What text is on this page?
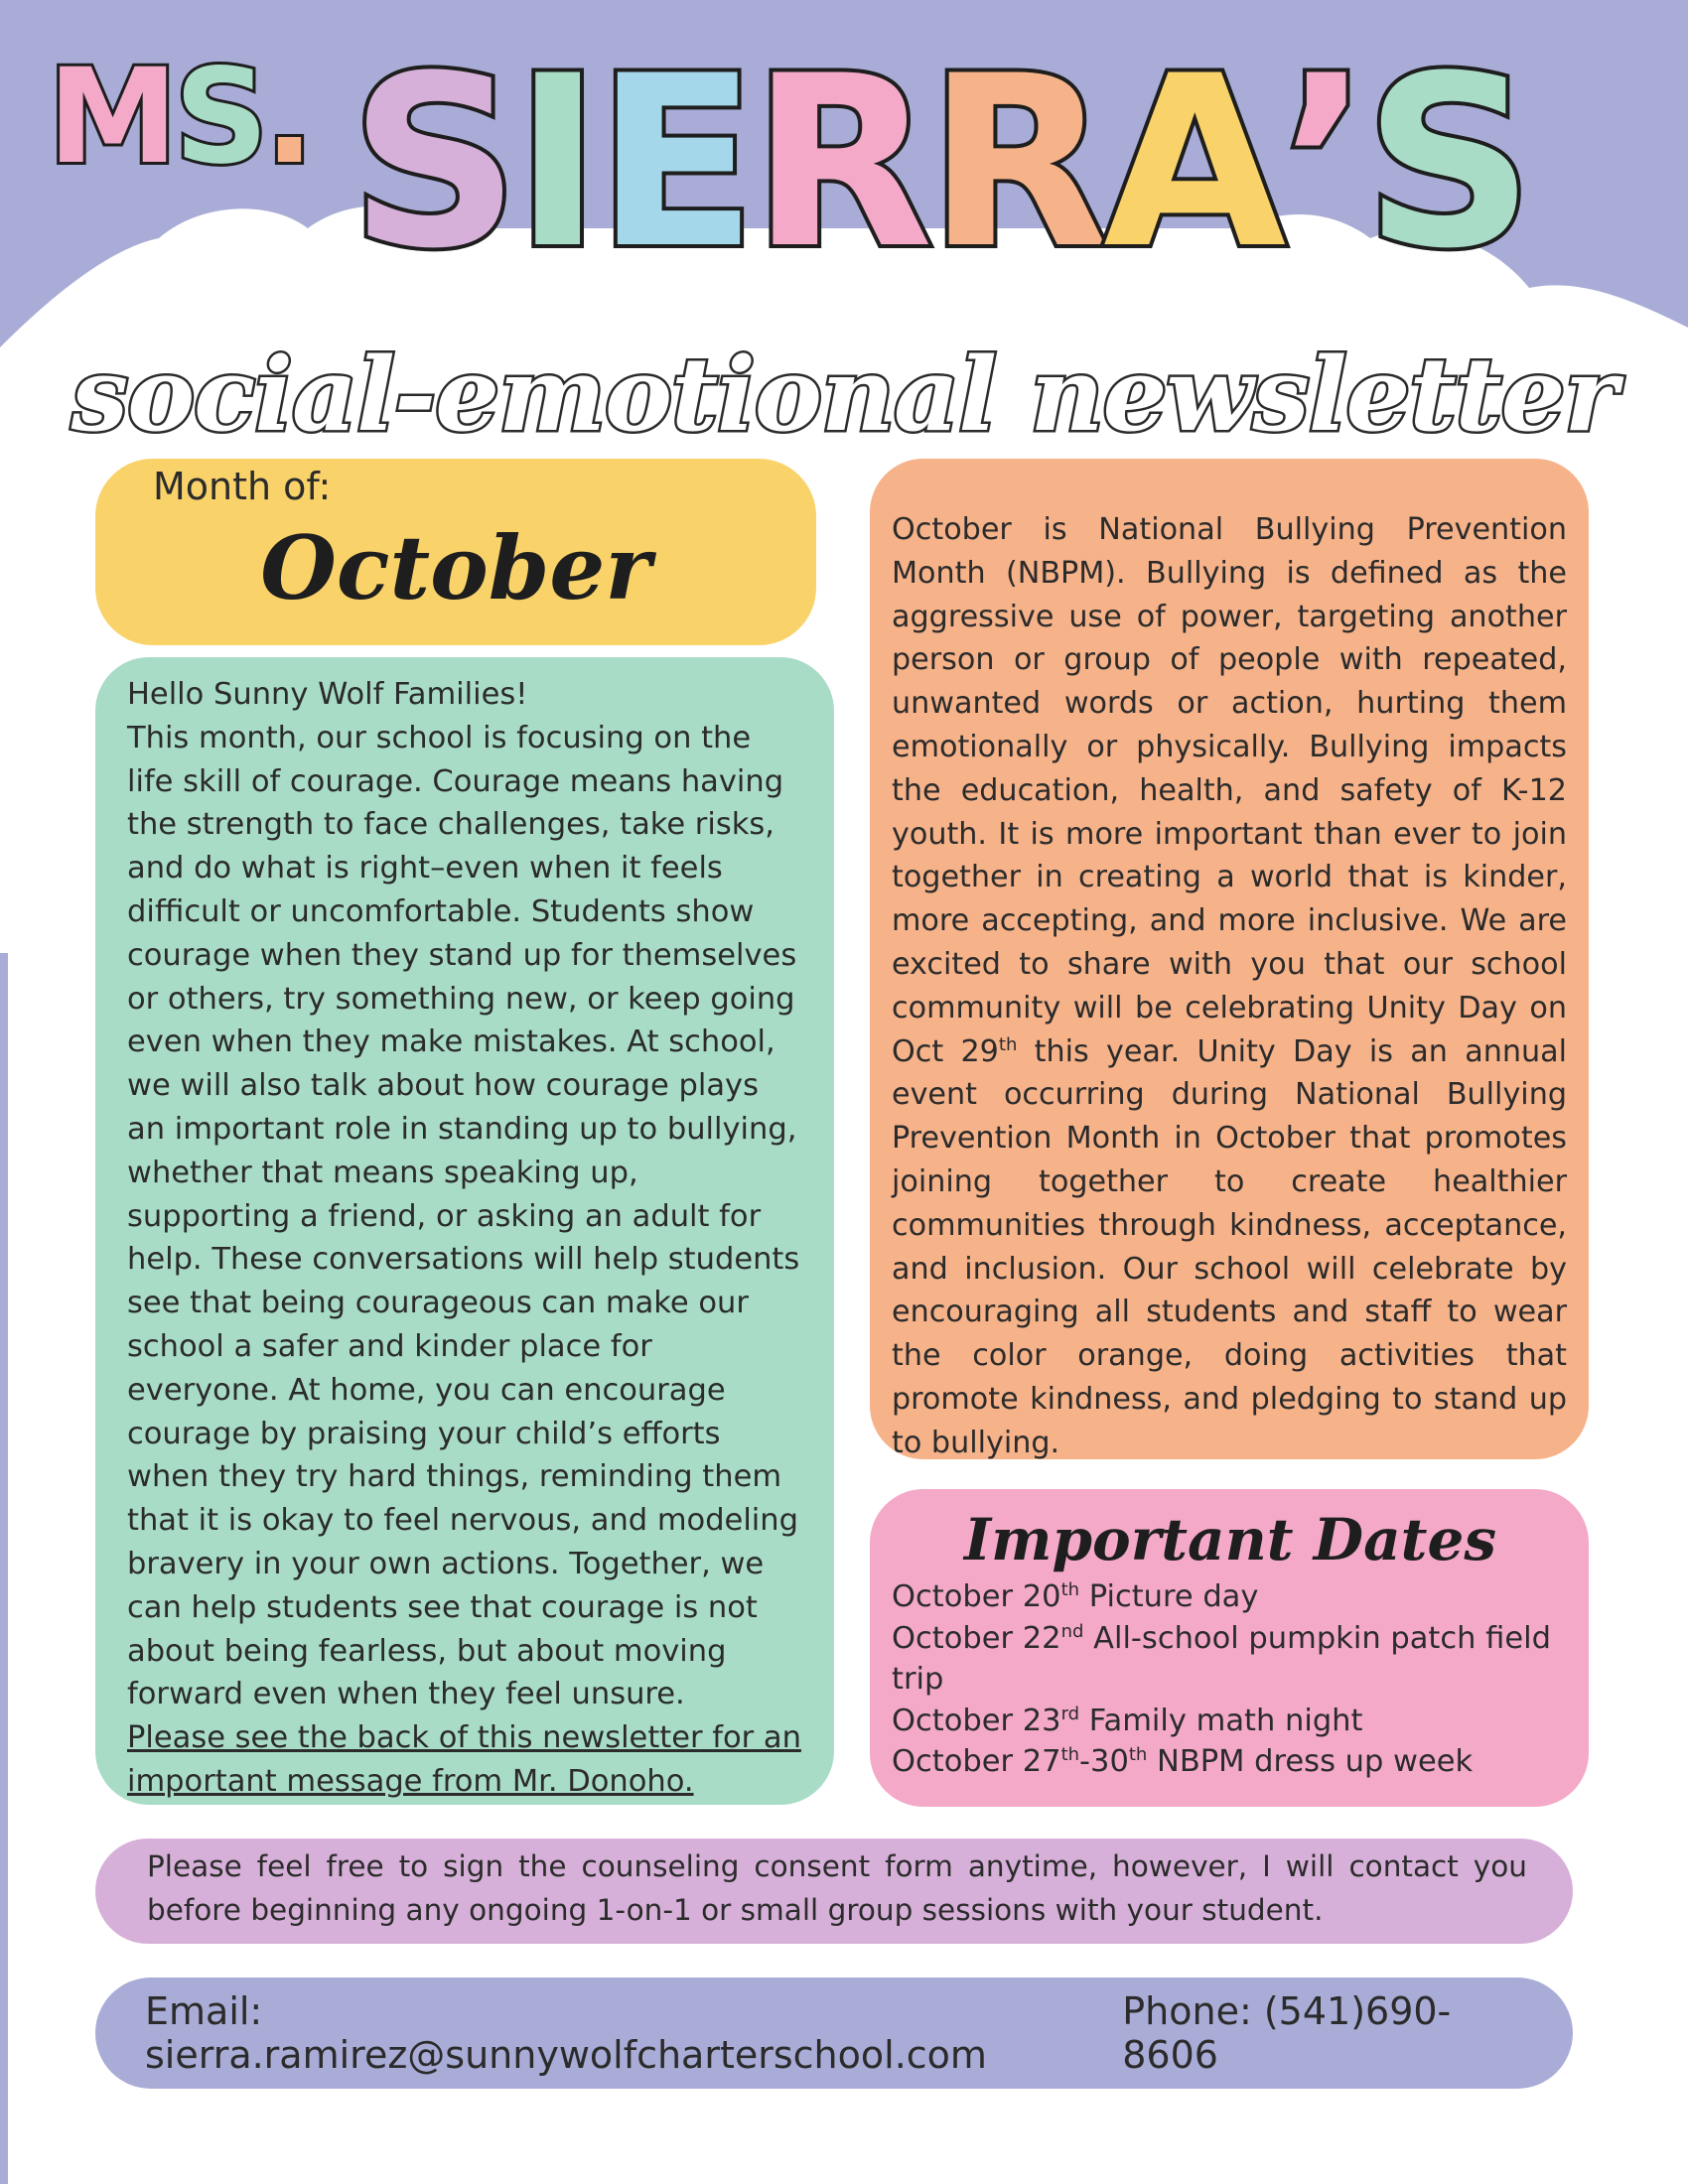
M S . S I E R R A ’ S
social-emotional newsletter
Month of:
October
Hello Sunny Wolf Families!
This month, our school is focusing on the life skill of courage. Courage means having the strength to face challenges, take risks, and do what is right–even when it feels difficult or uncomfortable. Students show courage when they stand up for themselves or others, try something new, or keep going even when they make mistakes. At school, we will also talk about how courage plays an important role in standing up to bullying, whether that means speaking up, supporting a friend, or asking an adult for help. These conversations will help students see that being courageous can make our school a safer and kinder place for everyone. At home, you can encourage courage by praising your child’s efforts when they try hard things, reminding them that it is okay to feel nervous, and modeling bravery in your own actions. Together, we can help students see that courage is not about being fearless, but about moving forward even when they feel unsure.
Please see the back of this newsletter for an important message from Mr. Donoho.
October is National Bullying Prevention Month (NBPM). Bullying is defined as the aggressive use of power, targeting another person or group of people with repeated, unwanted words or action, hurting them emotionally or physically. Bullying impacts the education, health, and safety of K-12 youth. It is more important than ever to join together in creating a world that is kinder, more accepting, and more inclusive. We are excited to share with you that our school community will be celebrating Unity Day on Oct 29th this year. Unity Day is an annual event occurring during National Bullying Prevention Month in October that promotes joining together to create healthier communities through kindness, acceptance, and inclusion. Our school will celebrate by encouraging all students and staff to wear the color orange, doing activities that promote kindness, and pledging to stand up to bullying.
Important Dates
October 20th Picture day
October 22nd All-school pumpkin patch field trip
October 23rd Family math night
October 27th-30th NBPM dress up week
Please feel free to sign the counseling consent form anytime, however, I will contact you before beginning any ongoing 1-on-1 or small group sessions with your student.
Email: sierra.ramirez@sunnywolfcharterschool.com
Phone: (541)690-8606
